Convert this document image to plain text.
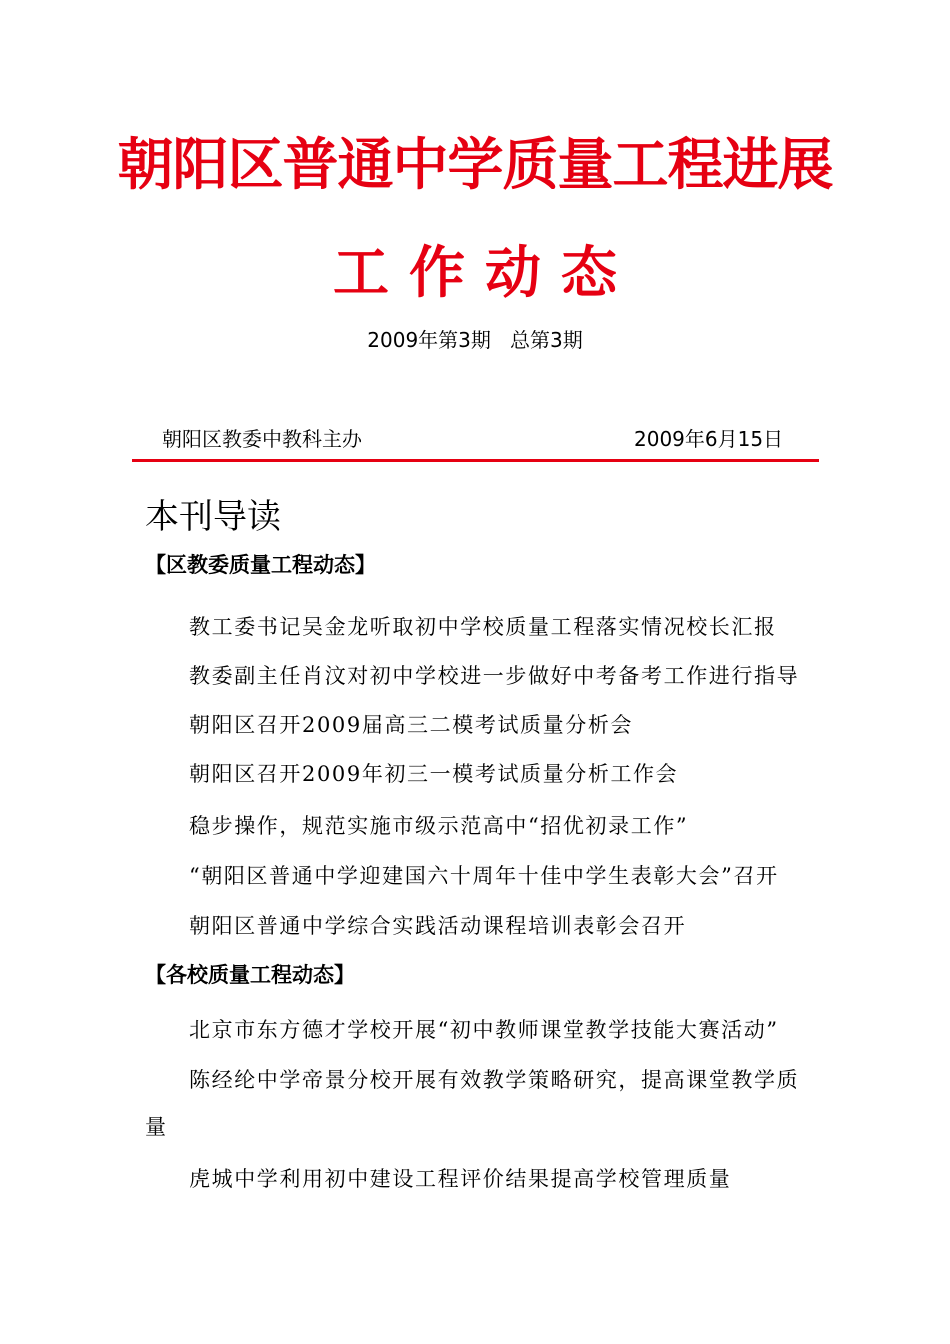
朝阳区普通中学质量工程进展
工作动态
2009年第3期   总第3期
朝阳区教委中教科主办	2009年6月15日
本刊导读
【区教委质量工程动态】
教工委书记吴金龙听取初中学校质量工程落实情况校长汇报
教委副主任肖汶对初中学校进一步做好中考备考工作进行指导
朝阳区召开2009届高三二模考试质量分析会
朝阳区召开2009年初三一模考试质量分析工作会
稳步操作，规范实施市级示范高中“招优初录工作”
“朝阳区普通中学迎建国六十周年十佳中学生表彰大会”召开
朝阳区普通中学综合实践活动课程培训表彰会召开
【各校质量工程动态】
北京市东方德才学校开展“初中教师课堂教学技能大赛活动”
陈经纶中学帝景分校开展有效教学策略研究，提高课堂教学质量
虎城中学利用初中建设工程评价结果提高学校管理质量
